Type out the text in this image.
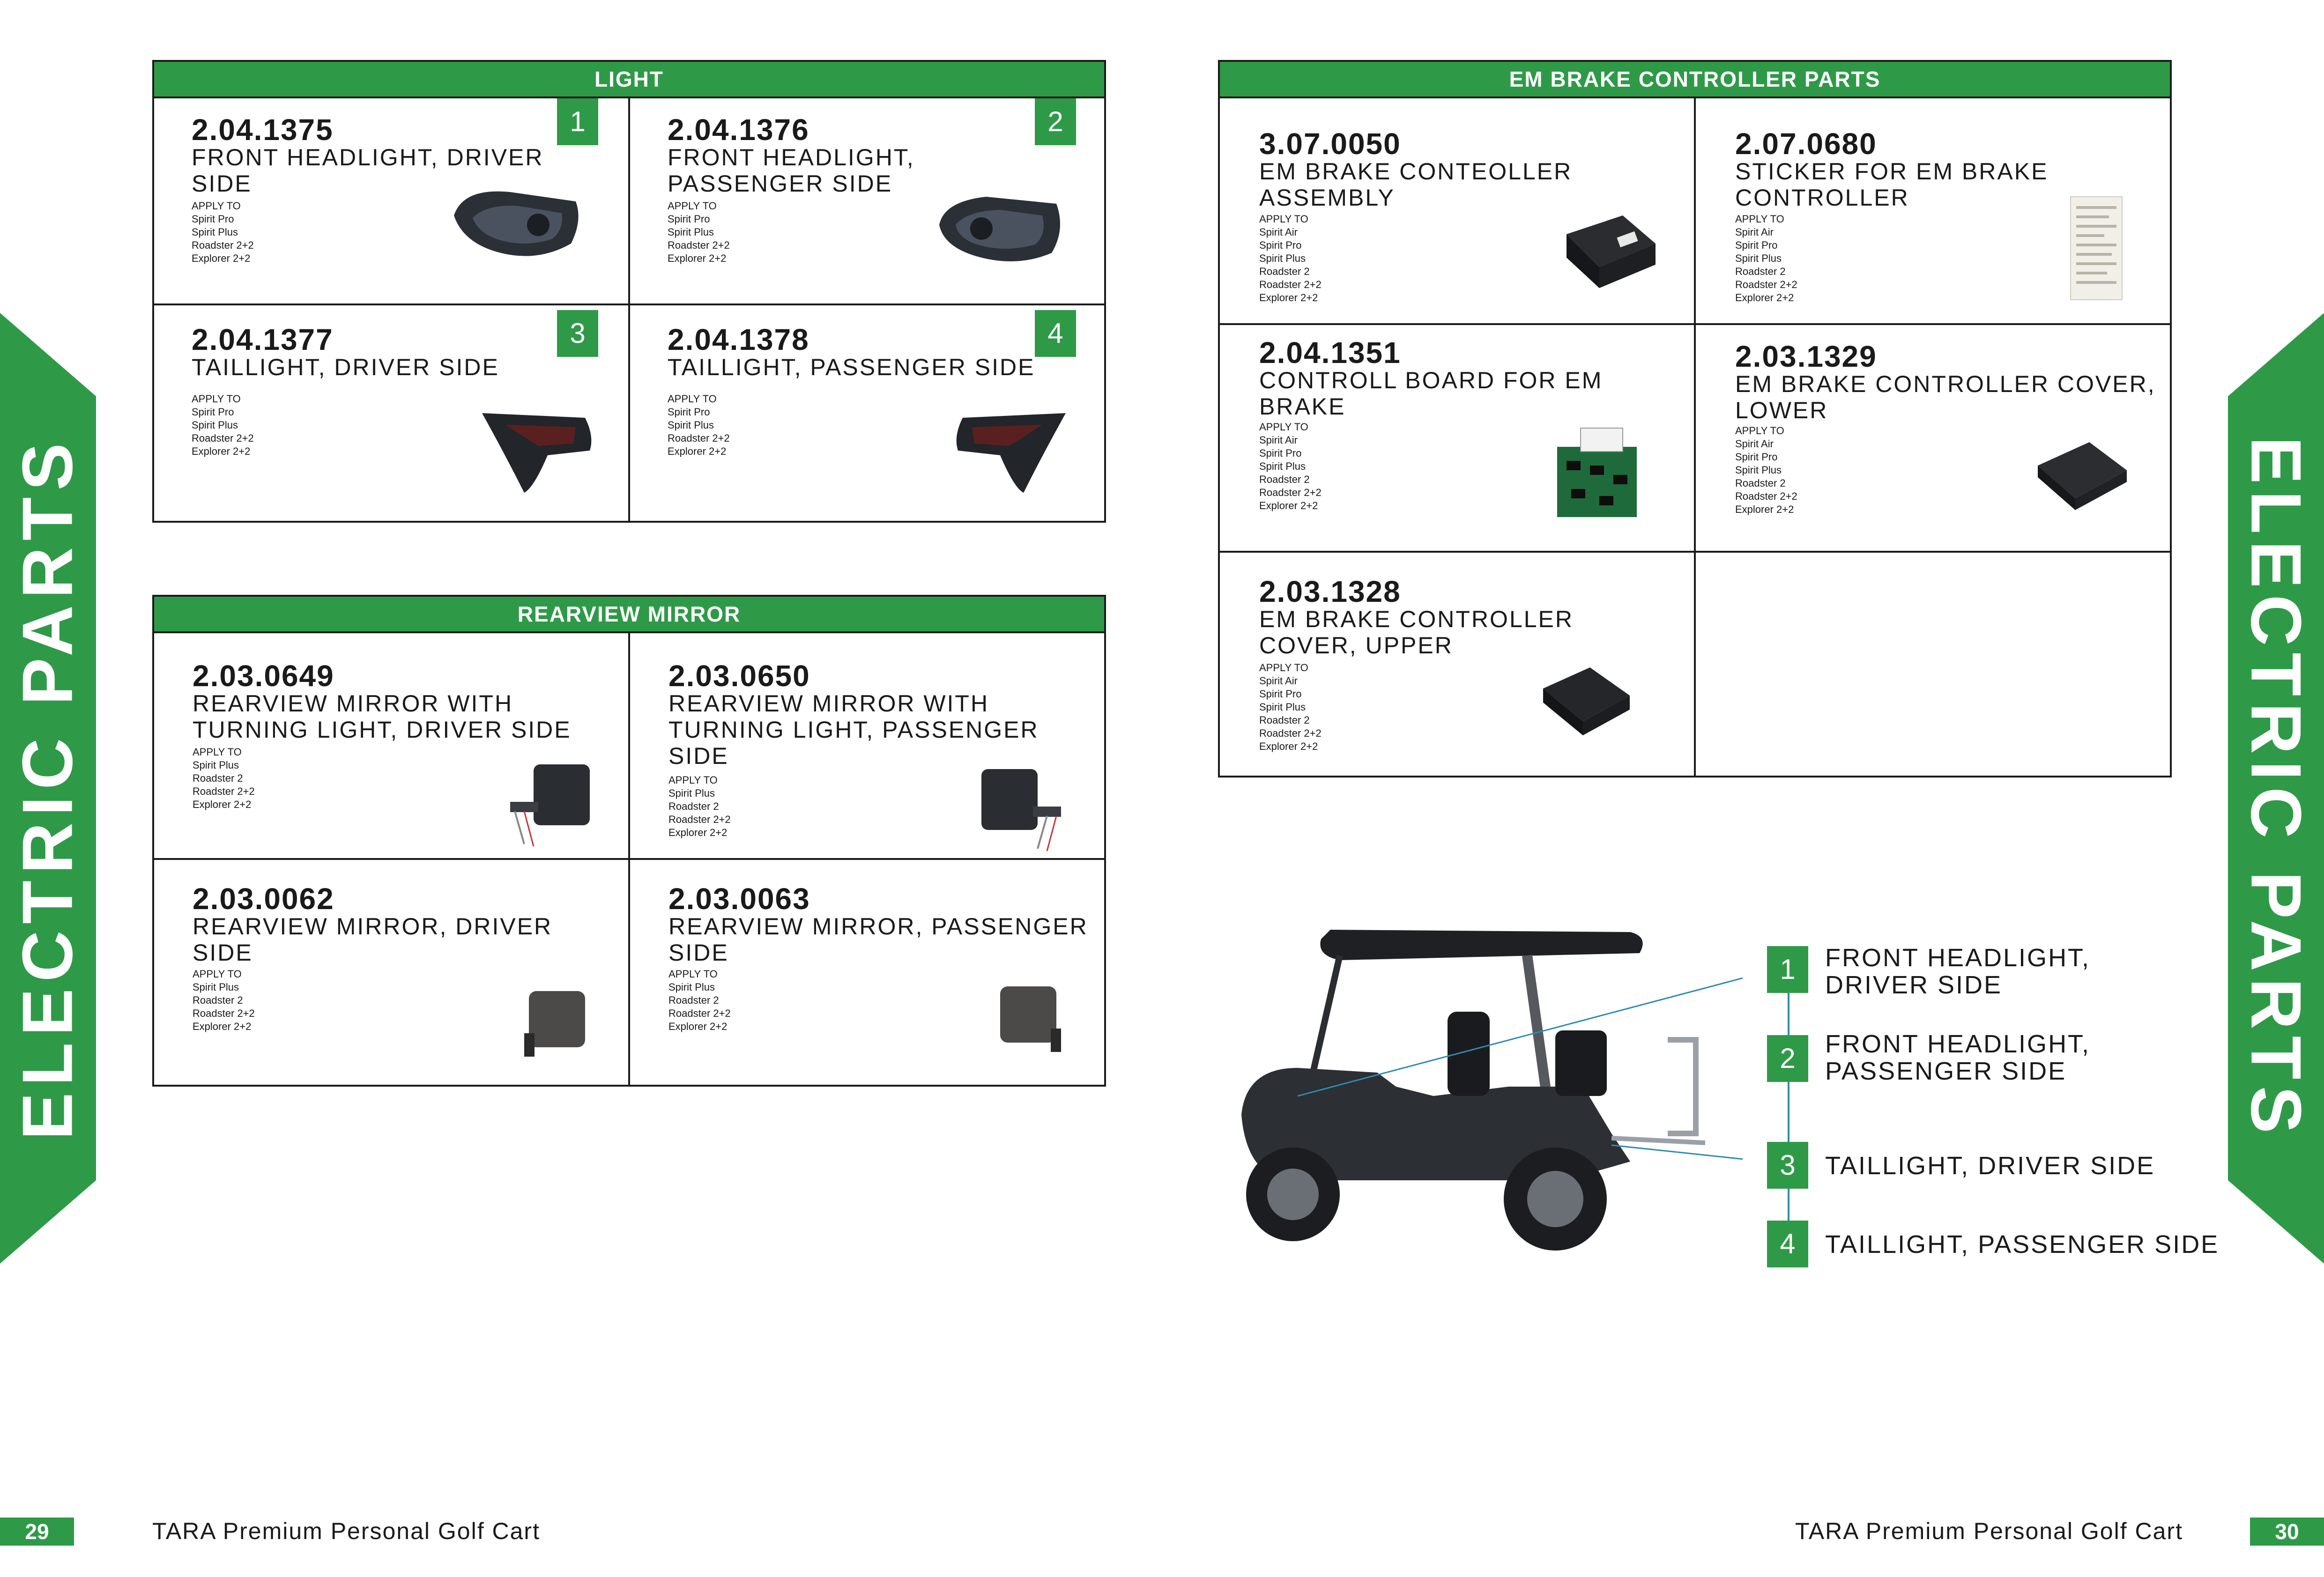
ELECTRIC PARTS	ELECTRIC PARTS
LIGHT
2.04.1375
FRONT HEADLIGHT, DRIVER
SIDE
APPLY TO
Spirit Pro
Spirit Plus
Roadster 2+2
Explorer 2+2
1	2.04.1376
FRONT HEADLIGHT,
PASSENGER SIDE
APPLY TO
Spirit Pro
Spirit Plus
Roadster 2+2
Explorer 2+2
2
2.04.1377
TAILLIGHT, DRIVER SIDE
APPLY TO
Spirit Pro
Spirit Plus
Roadster 2+2
Explorer 2+2
3	2.04.1378
TAILLIGHT, PASSENGER SIDE
APPLY TO
Spirit Pro
Spirit Plus
Roadster 2+2
Explorer 2+2
4
REARVIEW MIRROR
2.03.0649
REARVIEW MIRROR WITH
TURNING LIGHT, DRIVER SIDE
APPLY TO
Spirit Plus
Roadster 2
Roadster 2+2
Explorer 2+2
2.03.0650
REARVIEW MIRROR WITH
TURNING LIGHT, PASSENGER
SIDE
APPLY TO
Spirit Plus
Roadster 2
Roadster 2+2
Explorer 2+2
2.03.0062
REARVIEW MIRROR, DRIVER
SIDE
APPLY TO
Spirit Plus
Roadster 2
Roadster 2+2
Explorer 2+2
2.03.0063
REARVIEW MIRROR, PASSENGER
SIDE
APPLY TO
Spirit Plus
Roadster 2
Roadster 2+2
Explorer 2+2
EM BRAKE CONTROLLER PARTS
3.07.0050
EM BRAKE CONTEOLLER
ASSEMBLY
APPLY TO
Spirit Air
Spirit Pro
Spirit Plus
Roadster 2
Roadster 2+2
Explorer 2+2
2.07.0680
STICKER FOR EM BRAKE
CONTROLLER
APPLY TO
Spirit Air
Spirit Pro
Spirit Plus
Roadster 2
Roadster 2+2
Explorer 2+2
2.04.1351
CONTROLL BOARD FOR EM
BRAKE
APPLY TO
Spirit Air
Spirit Pro
Spirit Plus
Roadster 2
Roadster 2+2
Explorer 2+2
2.03.1329
EM BRAKE CONTROLLER COVER,
LOWER
APPLY TO
Spirit Air
Spirit Pro
Spirit Plus
Roadster 2
Roadster 2+2
Explorer 2+2
2.03.1328
EM BRAKE CONTROLLER
COVER, UPPER
APPLY TO
Spirit Air
Spirit Pro
Spirit Plus
Roadster 2
Roadster 2+2
Explorer 2+2
1	FRONT HEADLIGHT,
DRIVER SIDE
2	FRONT HEADLIGHT,
PASSENGER SIDE
3	TAILLIGHT, DRIVER SIDE
4	TAILLIGHT, PASSENGER SIDE
29	TARA Premium Personal Golf Cart	TARA Premium Personal Golf Cart	30
